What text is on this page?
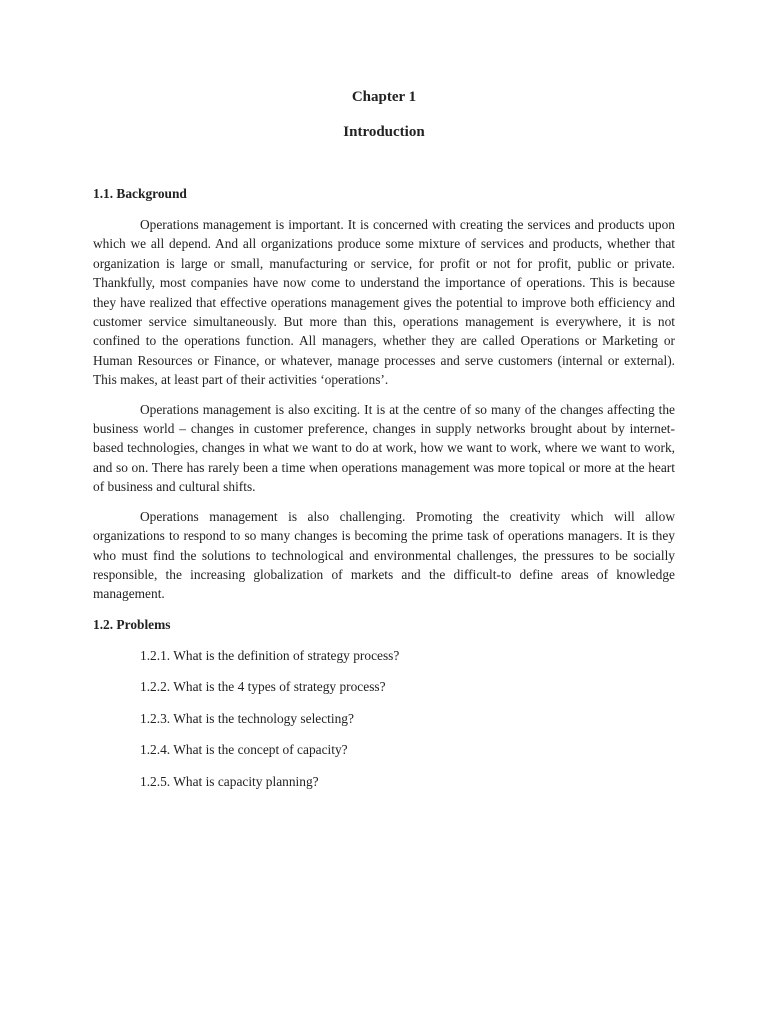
Chapter 1
Introduction
1.1. Background

Operations management is important. It is concerned with creating the services and products upon which we all depend. And all organizations produce some mixture of services and products, whether that organization is large or small, manufacturing or service, for profit or not for profit, public or private. Thankfully, most companies have now come to understand the importance of operations. This is because they have realized that effective operations management gives the potential to improve both efficiency and customer service simultaneously. But more than this, operations management is everywhere, it is not confined to the operations function. All managers, whether they are called Operations or Marketing or Human Resources or Finance, or whatever, manage processes and serve customers (internal or external). This makes, at least part of their activities ‘operations’.

Operations management is also exciting. It is at the centre of so many of the changes affecting the business world – changes in customer preference, changes in supply networks brought about by internet-based technologies, changes in what we want to do at work, how we want to work, where we want to work, and so on. There has rarely been a time when operations management was more topical or more at the heart of business and cultural shifts.

Operations management is also challenging. Promoting the creativity which will allow organizations to respond to so many changes is becoming the prime task of operations managers. It is they who must find the solutions to technological and environmental challenges, the pressures to be socially responsible, the increasing globalization of markets and the difficult-to define areas of knowledge management.

1.2. Problems
1.2.1. What is the definition of strategy process?
1.2.2. What is the 4 types of strategy process?
1.2.3. What is the technology selecting?
1.2.4. What is the concept of capacity?
1.2.5. What is capacity planning?
